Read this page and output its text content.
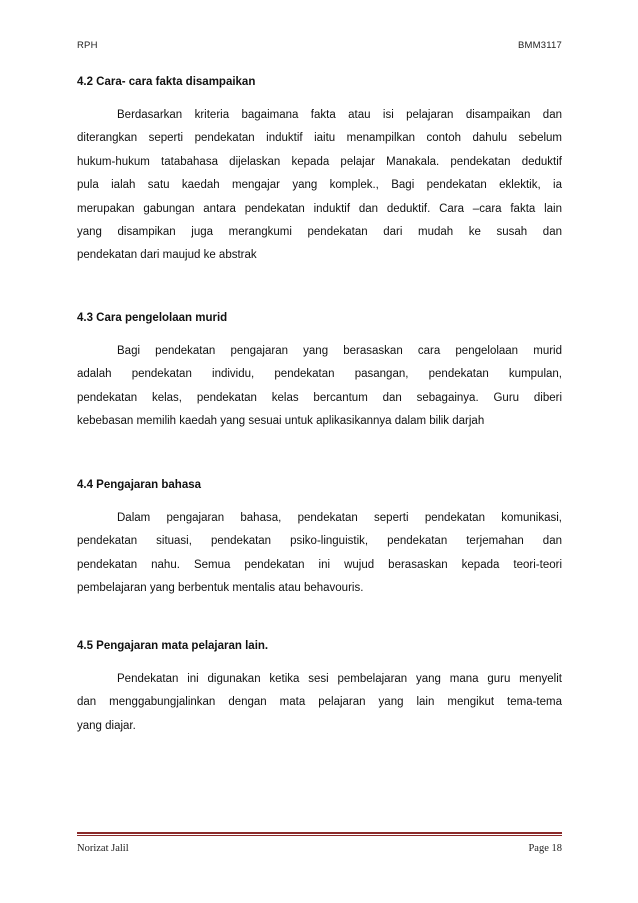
RPH	BMM3117
4.2 Cara- cara fakta disampaikan
Berdasarkan kriteria bagaimana fakta atau isi pelajaran disampaikan dan
diterangkan seperti pendekatan induktif iaitu menampilkan contoh dahulu sebelum
hukum-hukum tatabahasa dijelaskan kepada pelajar Manakala. pendekatan deduktif
pula ialah satu kaedah mengajar yang komplek., Bagi pendekatan eklektik, ia
merupakan gabungan antara pendekatan induktif dan deduktif. Cara –cara fakta lain
yang disampikan juga merangkumi pendekatan dari mudah ke susah dan
pendekatan dari maujud ke abstrak
4.3 Cara pengelolaan murid
Bagi pendekatan pengajaran yang berasaskan cara pengelolaan murid
adalah pendekatan individu, pendekatan pasangan, pendekatan kumpulan,
pendekatan kelas, pendekatan kelas bercantum dan sebagainya. Guru diberi
kebebasan memilih kaedah yang sesuai untuk aplikasikannya dalam bilik darjah
4.4 Pengajaran bahasa
Dalam pengajaran bahasa, pendekatan seperti pendekatan komunikasi,
pendekatan situasi, pendekatan psiko-linguistik, pendekatan terjemahan dan
pendekatan nahu. Semua pendekatan ini wujud berasaskan kepada teori-teori
pembelajaran yang berbentuk mentalis atau behavouris.
4.5 Pengajaran mata pelajaran lain.
Pendekatan ini digunakan ketika sesi pembelajaran yang mana guru menyelit
dan menggabungjalinkan dengan mata pelajaran yang lain mengikut tema-tema
yang diajar.
Norizat Jalil	Page 18
